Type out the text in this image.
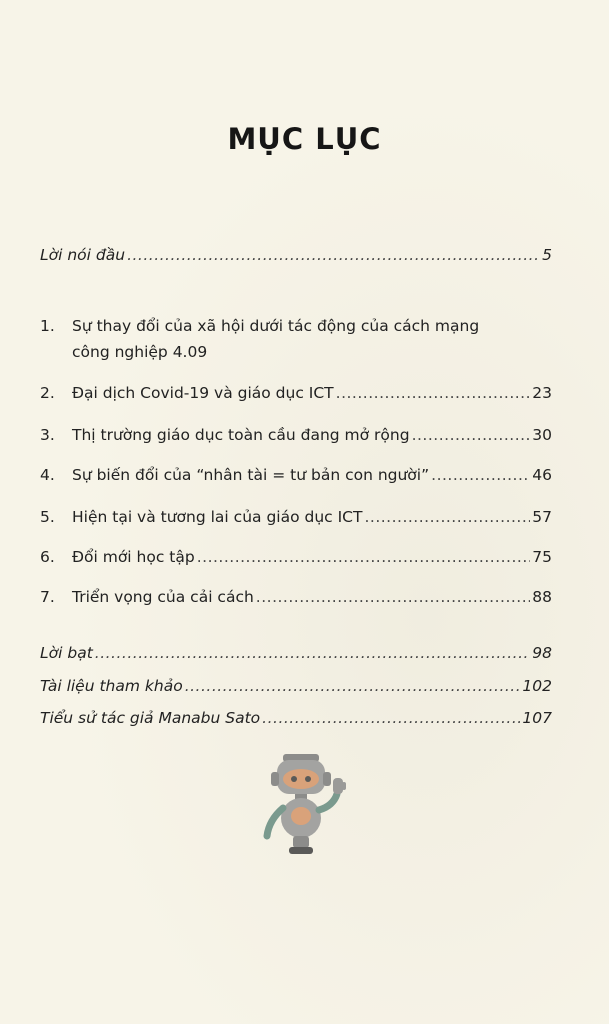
MỤC LỤC
Lời nói đầu .....	5
1. Sự thay đổi của xã hội dưới tác động của cách mạng
công nghiệp 4.0 9
2.	Đại dịch Covid-19 và giáo dục ICT .....	23
3.	Thị trường giáo dục toàn cầu đang mở rộng .....	30
4.	Sự biến đổi của “nhân tài = tư bản con người” .....	46
5.	Hiện tại và tương lai của giáo dục ICT .....	57
6.	Đổi mới học tập .....	75
7.	Triển vọng của cải cách .....	88
Lời bạt .....	98
Tài liệu tham khảo .....	102
Tiểu sử tác giả Manabu Sato .....	107
